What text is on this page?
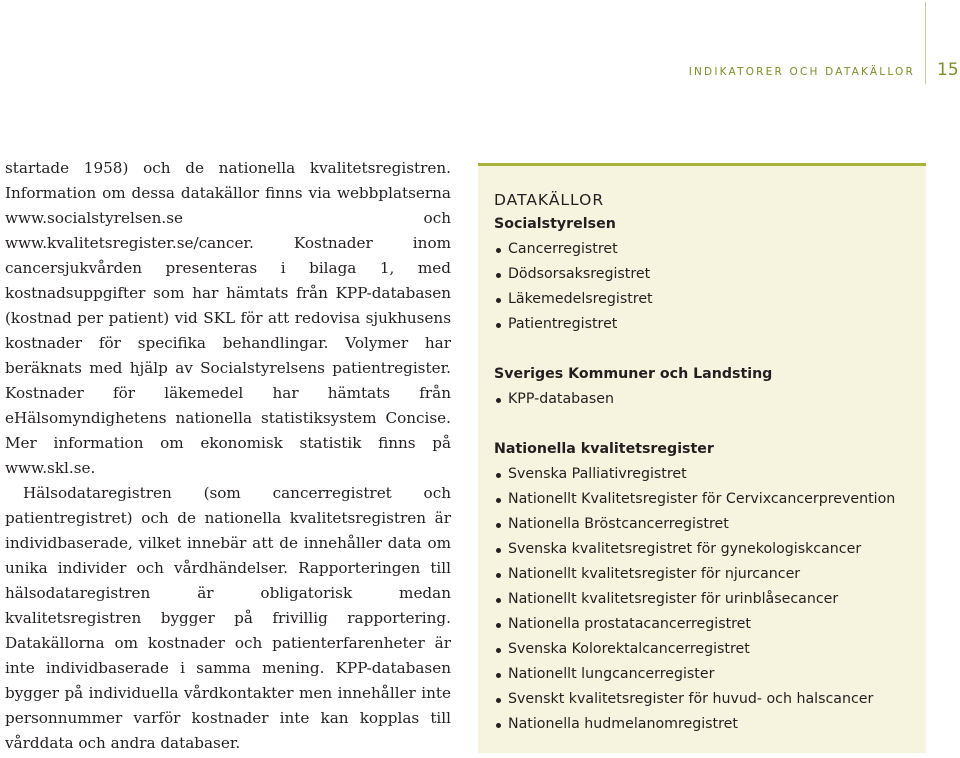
INDIKATORER OCH DATAKÄLLOR 15

startade 1958) och de nationella kvalitetsregistren. Information om dessa datakällor finns via webbplatserna www.socialstyrelsen.se och www.kvalitetsregister.se/cancer. Kostnader inom cancersjukvården presenteras i bilaga 1, med kostnadsuppgifter som har hämtats från KPP-databasen (kostnad per patient) vid SKL för att redovisa sjukhusens kostnader för specifika behandlingar. Volymer har beräknats med hjälp av Socialstyrelsens patientregister. Kostnader för läkemedel har hämtats från eHälsomyndighetens nationella statistiksystem Concise. Mer information om ekonomisk statistik finns på www.skl.se.

Hälsodataregistren (som cancerregistret och patientregistret) och de nationella kvalitetsregistren är individbaserade, vilket innebär att de innehåller data om unika individer och vårdhändelser. Rapporteringen till hälsodataregistren är obligatorisk medan kvalitetsregistren bygger på frivillig rapportering. Datakällorna om kostnader och patienterfarenheter är inte individbaserade i samma mening. KPP-databasen bygger på individuella vårdkontakter men innehåller inte personnummer varför kostnader inte kan kopplas till vårddata och andra databaser.

DATAKÄLLOR
Socialstyrelsen
Cancerregistret
Dödsorsaksregistret
Läkemedelsregistret
Patientregistret
Sveriges Kommuner och Landsting
KPP-databasen
Nationella kvalitetsregister
Svenska Palliativregistret
Nationellt Kvalitetsregister för Cervixcancerprevention
Nationella Bröstcancerregistret
Svenska kvalitetsregistret för gynekologiskcancer
Nationellt kvalitetsregister för njurcancer
Nationellt kvalitetsregister för urinblåsecancer
Nationella prostatacancerregistret
Svenska Kolorektalcancerregistret
Nationellt lungcancerregister
Svenskt kvalitetsregister för huvud- och halscancer
Nationella hudmelanomregistret
